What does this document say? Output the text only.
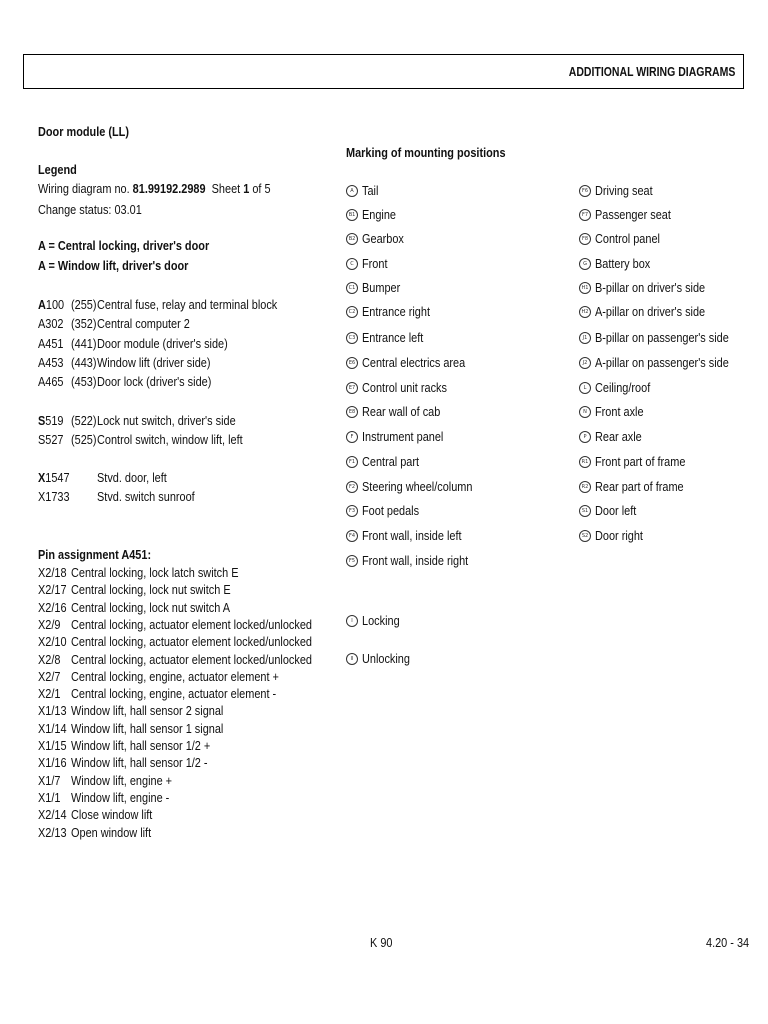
ADDITIONAL WIRING DIAGRAMS
Door module (LL)
Legend
Wiring diagram no. 81.99192.2989  Sheet 1 of 5
Change status: 03.01
A = Central locking, driver's door
A = Window lift, driver's door
A100 (255) Central fuse, relay and terminal block
A302 (352) Central computer 2
A451 (441) Door module (driver's side)
A453 (443) Window lift (driver side)
A465 (453) Door lock (driver's side)
S519 (522) Lock nut switch, driver's side
S527 (525) Control switch, window lift, left
X1547	Stvd. door, left
X1733	Stvd. switch sunroof
Pin assignment A451:
X2/18 Central locking, lock latch switch E
X2/17 Central locking, lock nut switch E
X2/16 Central locking, lock nut switch A
X2/9 Central locking, actuator element locked/unlocked
X2/10 Central locking, actuator element locked/unlocked
X2/8 Central locking, actuator element locked/unlocked
X2/7 Central locking, engine, actuator element +
X2/1 Central locking, engine, actuator element -
X1/13 Window lift, hall sensor 2 signal
X1/14 Window lift, hall sensor 1 signal
X1/15 Window lift, hall sensor 1/2 +
X1/16 Window lift, hall sensor 1/2 -
X1/7 Window lift, engine +
X1/1 Window lift, engine -
X2/14 Close window lift
X2/13 Open window lift
Marking of mounting positions
A Tail
B1 Engine
B2 Gearbox
C Front
C1 Bumper
C2 Entrance right
C3 Entrance left
E6 Central electrics area
E7 Control unit racks
E8 Rear wall of cab
F Instrument panel
F1 Central part
F2 Steering wheel/column
F3 Foot pedals
F4 Front wall, inside left
F5 Front wall, inside right
F6 Driving seat
F7 Passenger seat
F8 Control panel
G Battery box
H1 B-pillar on driver's side
H2 A-pillar on driver's side
J1 B-pillar on passenger's side
J2 A-pillar on passenger's side
L Ceiling/roof
N Front axle
P Rear axle
R1 Front part of frame
R2 Rear part of frame
S1 Door left
S2 Door right
I Locking
II Unlocking
K 90	4.20 - 34
